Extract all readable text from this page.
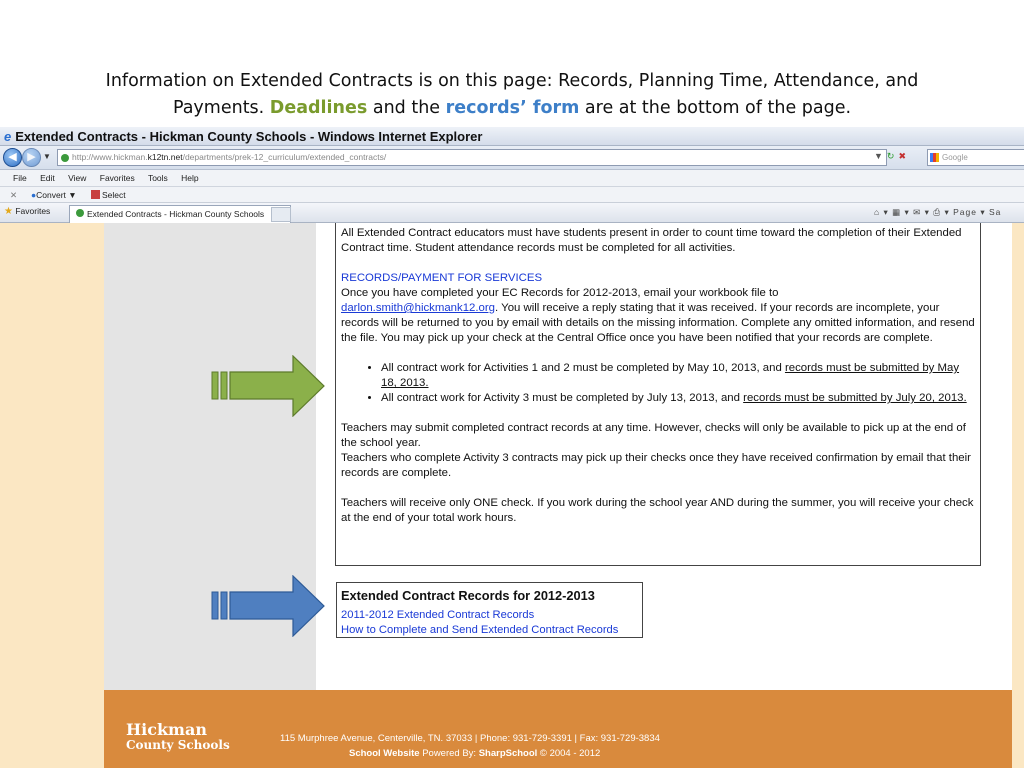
Information on Extended Contracts is on this page: Records, Planning Time, Attendance, and
Payments. Deadlines and the records’ form are at the bottom of the page.
e Extended Contracts - Hickman County Schools - Windows Internet Explorer
◀ ▶ ▼	http://www.hickman.k12tn.net/departments/prek-12_curriculum/extended_contracts/	▼↻✖	Google
File Edit View Favorites Tools Help
✕ ●Convert ▼	Select
★ Favorites	Extended Contracts - Hickman County Schools	⌂ ▾ ▦ ▾ ✉ ▾ ⎙ ▾ Page ▾ Sa

All Extended Contract educators must have students present in order to count time toward the completion of their Extended Contract time. Student attendance records must be completed for all activities.

RECORDS/PAYMENT FOR SERVICES
Once you have completed your EC Records for 2012-2013, email your workbook file to
darlon.smith@hickmank12.org. You will receive a reply stating that it was received. If your records are incomplete, your records will be returned to you by email with details on the missing information. Complete any omitted information, and resend the file. You may pick up your check at the Central Office once you have been notified that your records are complete.

• All contract work for Activities 1 and 2 must be completed by May 10, 2013, and records must be submitted by May 18, 2013.
• All contract work for Activity 3 must be completed by July 13, 2013, and records must be submitted by July 20, 2013.

Teachers may submit completed contract records at any time. However, checks will only be available to pick up at the end of the school year.
Teachers who complete Activity 3 contracts may pick up their checks once they have received confirmation by email that their records are complete.

Teachers will receive only ONE check. If you work during the school year AND during the summer, you will receive your check at the end of your total work hours.

Extended Contract Records for 2012-2013
2011-2012 Extended Contract Records
How to Complete and Send Extended Contract Records
Hickman
County Schools	115 Murphree Avenue, Centerville, TN. 37033 | Phone: 931-729-3391 | Fax: 931-729-3834
School Website Powered By: SharpSchool © 2004 - 2012
